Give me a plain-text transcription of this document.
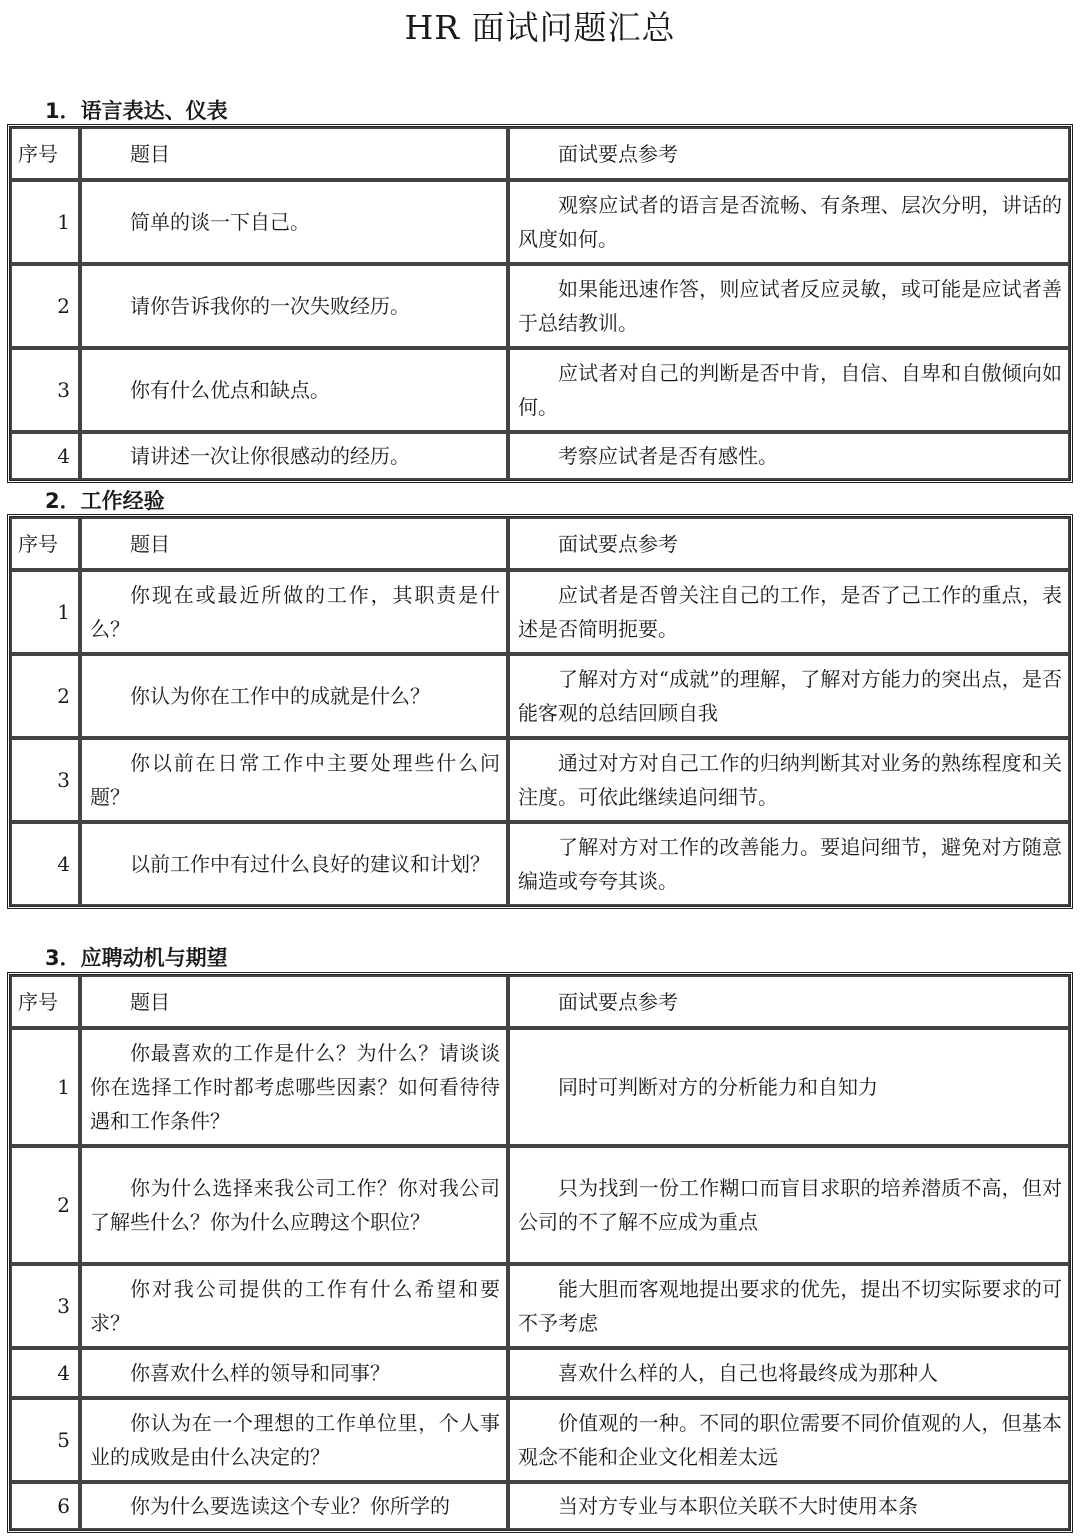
HR 面试问题汇总
1．语言表达、仪表
序号	题目	面试要点参考
1	简单的谈一下自己。	观察应试者的语言是否流畅、有条理、层次分明，讲话的风度如何。
2	请你告诉我你的一次失败经历。	如果能迅速作答，则应试者反应灵敏，或可能是应试者善于总结教训。
3	你有什么优点和缺点。	应试者对自己的判断是否中肯，自信、自卑和自傲倾向如何。
4	请讲述一次让你很感动的经历。	考察应试者是否有感性。
2．工作经验
序号	题目	面试要点参考
1	你现在或最近所做的工作，其职责是什么？	应试者是否曾关注自己的工作，是否了己工作的重点，表述是否简明扼要。
2	你认为你在工作中的成就是什么？	了解对方对“成就”的理解，了解对方能力的突出点，是否能客观的总结回顾自我
3	你以前在日常工作中主要处理些什么问题？	通过对方对自己工作的归纳判断其对业务的熟练程度和关注度。可依此继续追问细节。
4	以前工作中有过什么良好的建议和计划？	了解对方对工作的改善能力。要追问细节，避免对方随意编造或夸夸其谈。
3．应聘动机与期望
序号	题目	面试要点参考
1	你最喜欢的工作是什么？为什么？请谈谈你在选择工作时都考虑哪些因素？如何看待待遇和工作条件？	同时可判断对方的分析能力和自知力
2	你为什么选择来我公司工作？你对我公司了解些什么？你为什么应聘这个职位？	只为找到一份工作糊口而盲目求职的培养潜质不高，但对公司的不了解不应成为重点
3	你对我公司提供的工作有什么希望和要求？	能大胆而客观地提出要求的优先，提出不切实际要求的可不予考虑
4	你喜欢什么样的领导和同事？	喜欢什么样的人，自己也将最终成为那种人
5	你认为在一个理想的工作单位里，个人事业的成败是由什么决定的？	价值观的一种。不同的职位需要不同价值观的人，但基本观念不能和企业文化相差太远
6	你为什么要选读这个专业？你所学的	当对方专业与本职位关联不大时使用本条
